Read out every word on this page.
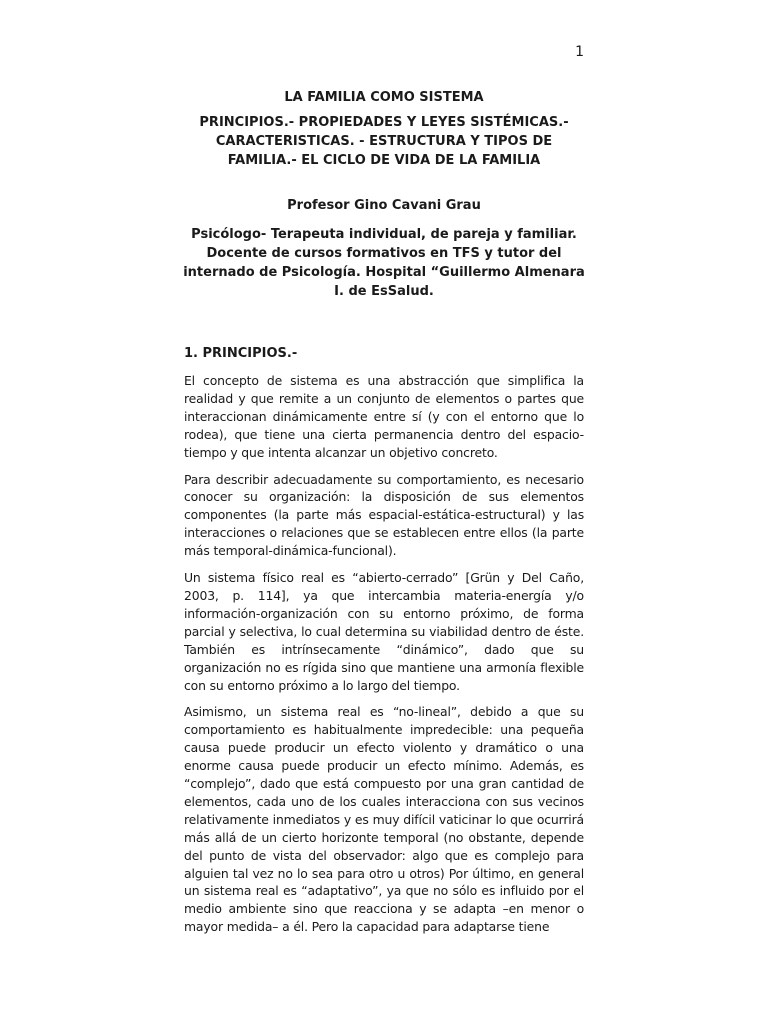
1

LA FAMILIA COMO SISTEMA

PRINCIPIOS.- PROPIEDADES Y LEYES SISTÉMICAS.- CARACTERISTICAS. - ESTRUCTURA Y TIPOS DE FAMILIA.- EL CICLO DE VIDA DE LA FAMILIA

Profesor Gino Cavani Grau

Psicólogo- Terapeuta individual, de pareja y familiar. Docente de cursos formativos en TFS y tutor del internado de Psicología. Hospital “Guillermo Almenara I. de EsSalud.

1. PRINCIPIOS.-

El concepto de sistema es una abstracción que simplifica la realidad y que remite a un conjunto de elementos o partes que interaccionan dinámicamente entre sí (y con el entorno que lo rodea), que tiene una cierta permanencia dentro del espacio-tiempo y que intenta alcanzar un objetivo concreto.

Para describir adecuadamente su comportamiento, es necesario conocer su organización: la disposición de sus elementos componentes (la parte más espacial-estática-estructural) y las interacciones o relaciones que se establecen entre ellos (la parte más temporal-dinámica-funcional).

Un sistema físico real es “abierto-cerrado” [Grün y Del Caño, 2003, p. 114], ya que intercambia materia-energía y/o información-organización con su entorno próximo, de forma parcial y selectiva, lo cual determina su viabilidad dentro de éste. También es intrínsecamente “dinámico”, dado que su organización no es rígida sino que mantiene una armonía flexible con su entorno próximo a lo largo del tiempo.

Asimismo, un sistema real es “no-lineal”, debido a que su comportamiento es habitualmente impredecible: una pequeña causa puede producir un efecto violento y dramático o una enorme causa puede producir un efecto mínimo. Además, es “complejo”, dado que está compuesto por una gran cantidad de elementos, cada uno de los cuales interacciona con sus vecinos relativamente inmediatos y es muy difícil vaticinar lo que ocurrirá más allá de un cierto horizonte temporal (no obstante, depende del punto de vista del observador: algo que es complejo para alguien tal vez no lo sea para otro u otros) Por último, en general un sistema real es “adaptativo”, ya que no sólo es influido por el medio ambiente sino que reacciona y se adapta –en menor o mayor medida– a él. Pero la capacidad para adaptarse tiene
